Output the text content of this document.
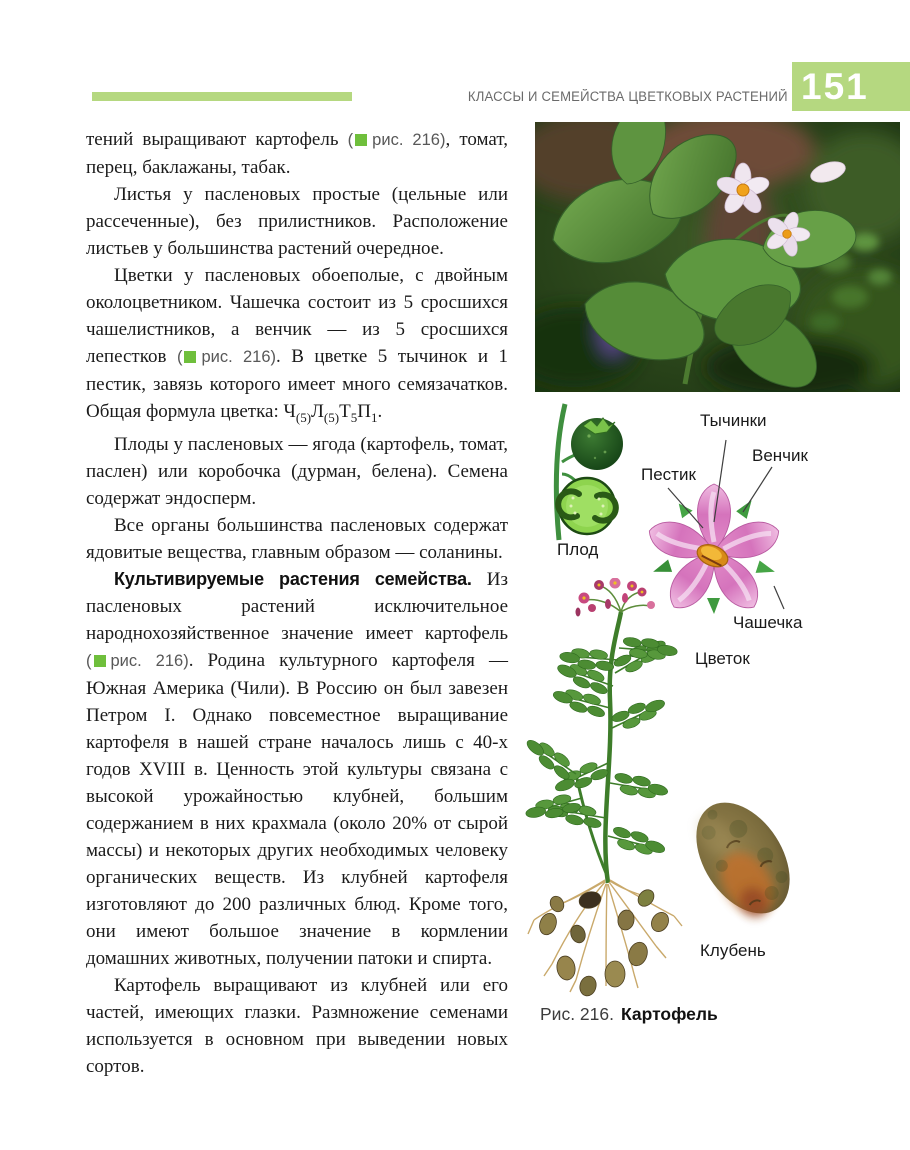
КЛАССЫ И СЕМЕЙСТВА ЦВЕТКОВЫХ РАСТЕНИЙ 151

тений выращивают картофель ( рис. 216), томат, перец, баклажаны, табак.

Листья у пасленовых простые (цельные или рассеченные), без прилистников. Расположение листьев у большинства растений очередное.

Цветки у пасленовых обоеполые, с двойным околоцветником. Чашечка состоит из 5 сросшихся чашелистников, а венчик — из 5 сросшихся лепестков ( рис. 216). В цветке 5 тычинок и 1 пестик, завязь которого имеет много семязачатков. Общая формула цветка: $Ч_{(5)}Л_{(5)}Т_5П_1$.

Плоды у пасленовых — ягода (картофель, томат, паслен) или коробочка (дурман, белена). Семена содержат эндосперм.

Все органы большинства пасленовых содержат ядовитые вещества, главным образом — соланины.

Культивируемые растения семейства. Из пасленовых растений исключительное народнохозяйственное значение имеет картофель ( рис. 216). Родина культурного картофеля — Южная Америка (Чили). В Россию он был завезен Петром I. Однако повсеместное выращивание картофеля в нашей стране началось лишь с 40-х годов XVIII в. Ценность этой культуры связана с высокой урожайностью клубней, большим содержанием в них крахмала (около 20% от сырой массы) и некоторых других необходимых человеку органических веществ. Из клубней картофеля изготовляют до 200 различных блюд. Кроме того, они имеют большое значение в кормлении домашних животных, получении патоки и спирта.

Картофель выращивают из клубней или его частей, имеющих глазки. Размножение семенами используется в основном при выведении новых сортов.

Плод
Тычинки
Венчик
Пестик
Чашечка
Цветок
Клубень
Рис. 216. Картофель
